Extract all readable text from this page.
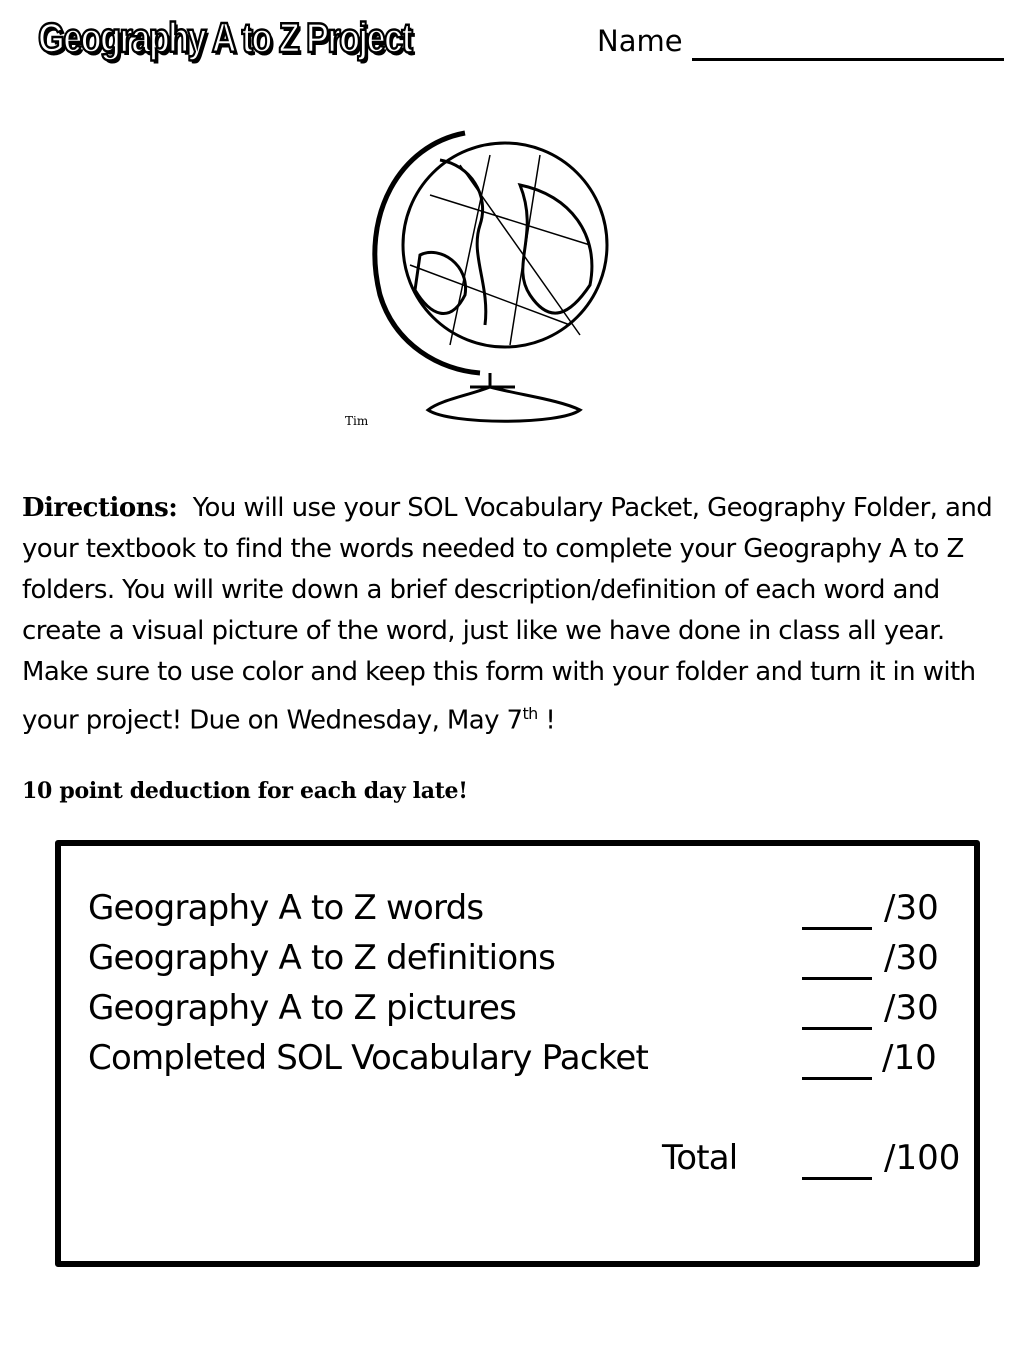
Geography A to Z Project	Name
Tim
Directions: You will use your SOL Vocabulary Packet, Geography Folder, and your textbook to find the words needed to complete your Geography A to Z folders. You will write down a brief description/definition of each word and create a visual picture of the word, just like we have done in class all year. Make sure to use color and keep this form with your folder and turn it in with your project! Due on Wednesday, May 7th !
10 point deduction for each day late!
Geography A to Z words	/30
Geography A to Z definitions	/30
Geography A to Z pictures	/30
Completed SOL Vocabulary Packet	/10
Total	/100
